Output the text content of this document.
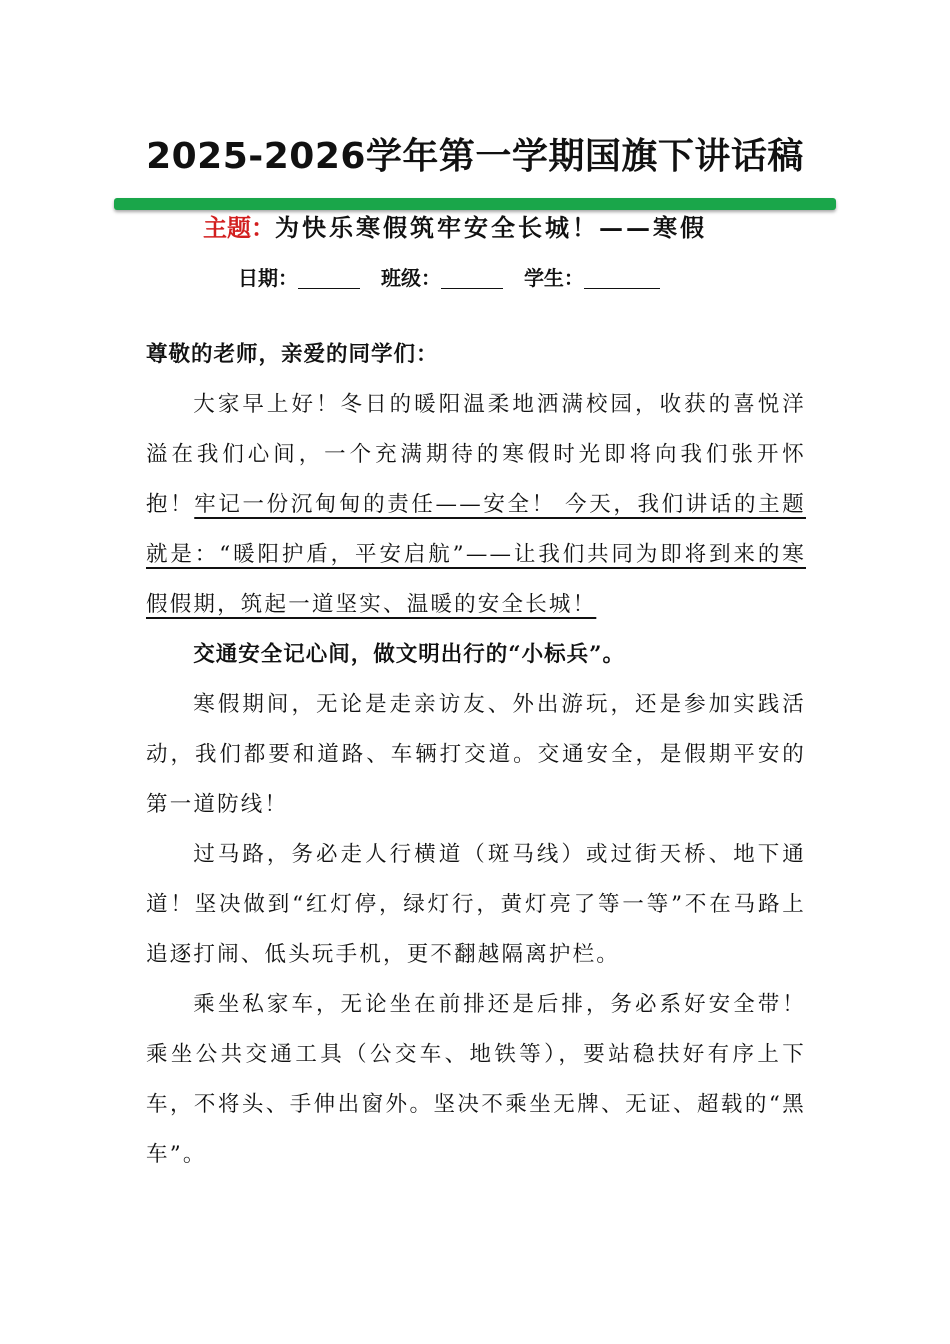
2025-2026学年第一学期国旗下讲话稿
主题：为快乐寒假筑牢安全长城！——寒假
日期：	班级：	学生：

尊敬的老师，亲爱的同学们：

大家早上好！冬日的暖阳温柔地洒满校园，收获的喜悦洋溢在我们心间，一个充满期待的寒假时光即将向我们张开怀抱！牢记一份沉甸甸的责任——安全！ 今天，我们讲话的主题就是：“暖阳护盾，平安启航”——让我们共同为即将到来的寒假假期，筑起一道坚实、温暖的安全长城！

交通安全记心间，做文明出行的“小标兵”。

寒假期间，无论是走亲访友、外出游玩，还是参加实践活动，我们都要和道路、车辆打交道。交通安全，是假期平安的第一道防线！

过马路，务必走人行横道（斑马线）或过街天桥、地下通道！坚决做到“红灯停，绿灯行，黄灯亮了等一等”不在马路上追逐打闹、低头玩手机，更不翻越隔离护栏。

乘坐私家车，无论坐在前排还是后排，务必系好安全带！乘坐公共交通工具（公交车、地铁等），要站稳扶好有序上下车，不将头、手伸出窗外。坚决不乘坐无牌、无证、超载的“黑车”。
